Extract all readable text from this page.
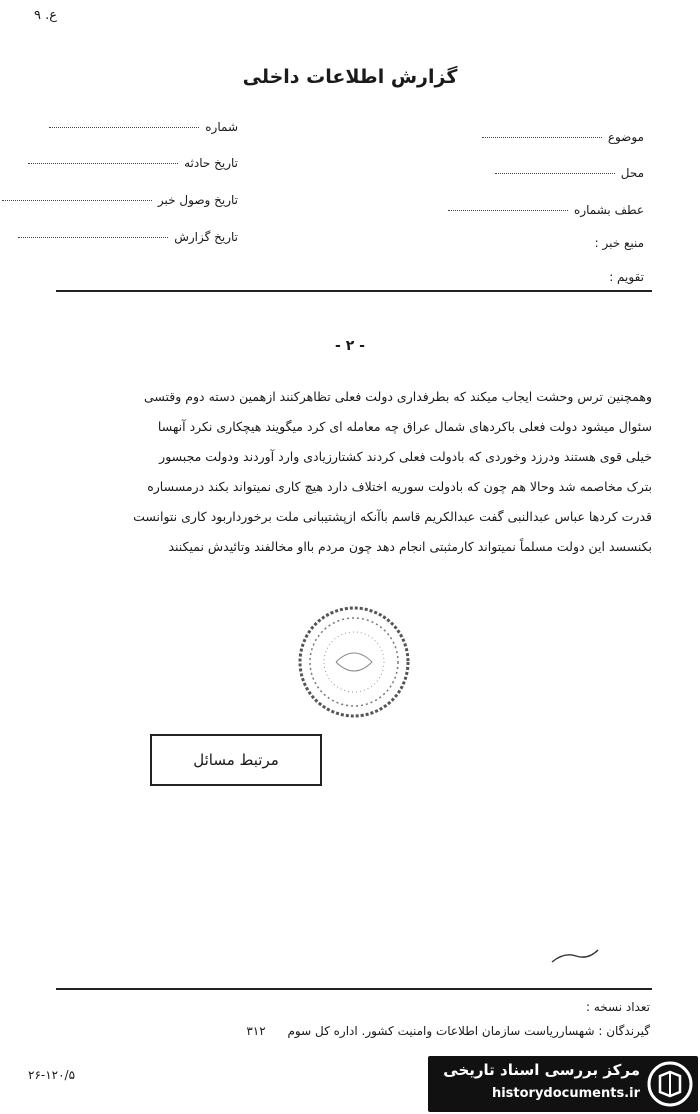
ع. ۹
گزارش اطلاعات داخلی
موضوع
محل
عطف بشماره
منبع خبر :
تقویم :
شماره
تاریخ حادثه
تاریخ وصول خبر
تاریخ گزارش
- ۲ -

وهمچنین ترس وحشت ایجاب میکند که بطرفداری دولت فعلی تظاهرکنند ازهمین دسته دوم وقتسی

سئوال میشود دولت فعلی باکردهای شمال عراق چه معامله ای کرد میگویند هیچکاری نکرد آنهسا

خیلی قوی هستند ودرزد وخوردی که بادولت فعلی کردند کشتارزیادی وارد آوردند ودولت مجبسور

بترک مخاصمه شد وحالا هم چون که بادولت سوریه اختلاف دارد هیچ کاری نمیتواند بکند درمسساره

قدرت کردها عباس عبدالنبی گفت عبدالکریم قاسم باآنکه ازپشتیبانی ملت برخورداربود کاری نتوانست

بکنسسد این دولت مسلماً نمیتواند کارمثبتی انجام دهد چون مردم بااو مخالفند وتائیدش نمیکنند

مرتبط مسائل
تعداد نسخه :
گیرندگان : شهسارریاست سازمان اطلاعات وامنیت کشور. اداره کل سوم ۳۱۲
۲۶-۱۲۰/۵	مرکز بررسی اسناد تاریخی
historydocuments.ir
